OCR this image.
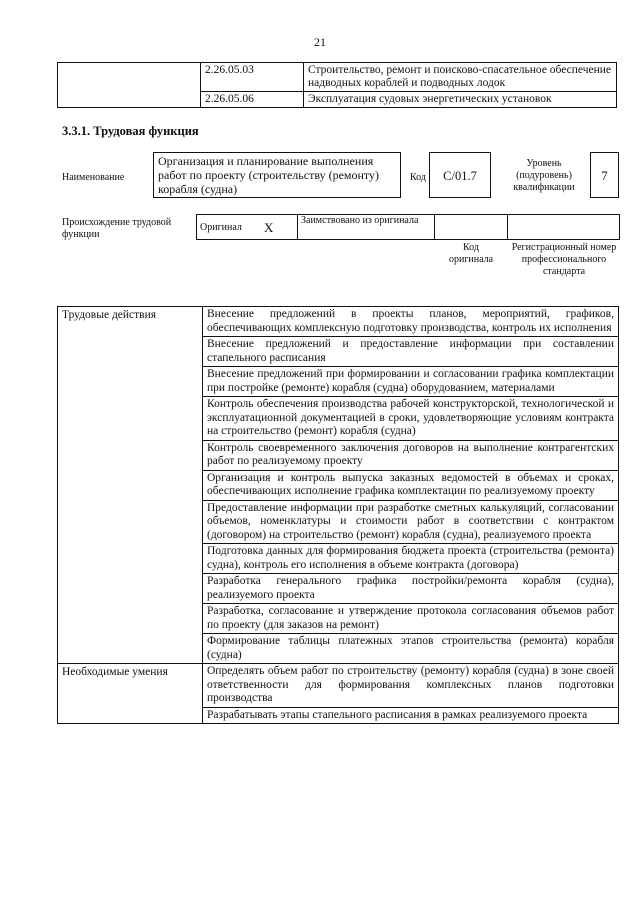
21
	2.26.05.03	Строительство, ремонт и поисково-спасательное обеспечение надводных кораблей и подводных лодок
	2.26.05.06	Эксплуатация судовых энергетических установок
3.3.1. Трудовая функция
Наименование
Организация и планирование выполнения работ по проекту (строительству (ремонту) корабля (судна)
Код	С/01.7
Уровень (подуровень) квалификации
7
Происхождение трудовой функции
Оригинал	X	Заимствовано из оригинала		
Код оригинала
Регистрационный номер профессионального стандарта
Трудовые действия	Внесение предложений в проекты планов, мероприятий, графиков, обеспечивающих комплексную подготовку производства, контроль их исполнения
	Внесение предложений и предоставление информации при составлении стапельного расписания
	Внесение предложений при формировании и согласовании графика комплектации при постройке (ремонте) корабля (судна) оборудованием, материалами
	Контроль обеспечения производства рабочей конструкторской, технологической и эксплуатационной документацией в сроки, удовлетворяющие условиям контракта на строительство (ремонт) корабля (судна)
	Контроль своевременного заключения договоров на выполнение контрагентских работ по реализуемому проекту
	Организация и контроль выпуска заказных ведомостей в объемах и сроках, обеспечивающих исполнение графика комплектации по реализуемому проекту
	Предоставление информации при разработке сметных калькуляций, согласовании объемов, номенклатуры и стоимости работ в соответствии с контрактом (договором) на строительство (ремонт) корабля (судна), реализуемого проекта
	Подготовка данных для формирования бюджета проекта (строительства (ремонта) судна), контроль его исполнения в объеме контракта (договора)
	Разработка генерального графика постройки/ремонта корабля (судна), реализуемого проекта
	Разработка, согласование и утверждение протокола согласования объемов работ по проекту (для заказов на ремонт)
	Формирование таблицы платежных этапов строительства (ремонта) корабля (судна)
Необходимые умения	Определять объем работ по строительству (ремонту) корабля (судна) в зоне своей ответственности для формирования комплексных планов подготовки производства
	Разрабатывать этапы стапельного расписания в рамках реализуемого проекта
